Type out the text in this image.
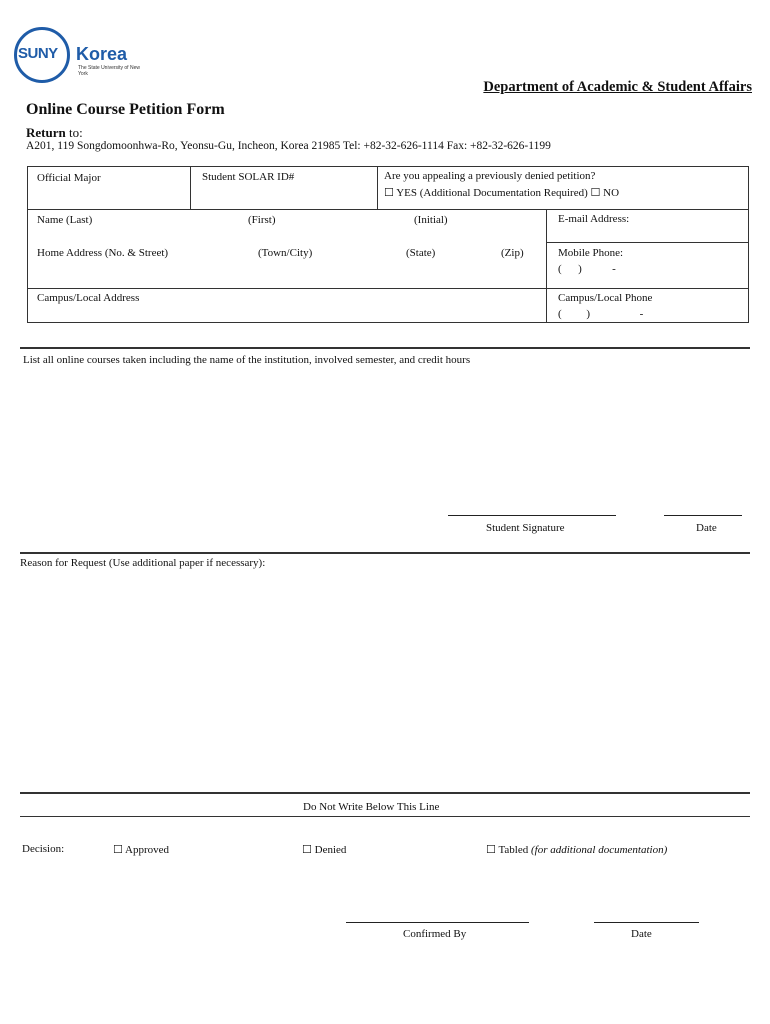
SUNY Korea
The State University of New York
Department of Academic & Student Affairs
Online Course Petition Form
Return to:
A201, 119 Songdomoonhwa-Ro, Yeonsu-Gu, Incheon, Korea 21985 Tel: +82-32-626-1114 Fax: +82-32-626-1199
Official Major	Student SOLAR ID#	Are you appealing a previously denied petition?
☐ YES (Additional Documentation Required) ☐ NO
Name (Last)	(First)	(Initial)	E-mail Address:
Home Address (No. & Street)	(Town/City)	(State)	(Zip)	Mobile Phone:
(      )           -
Campus/Local Address	Campus/Local Phone
(         )                  -
List all online courses taken including the name of the institution, involved semester, and credit hours
Student Signature	Date
Reason for Request (Use additional paper if necessary):
Do Not Write Below This Line
Decision:	☐ Approved	☐ Denied	☐ Tabled (for additional documentation)
Confirmed By	Date
